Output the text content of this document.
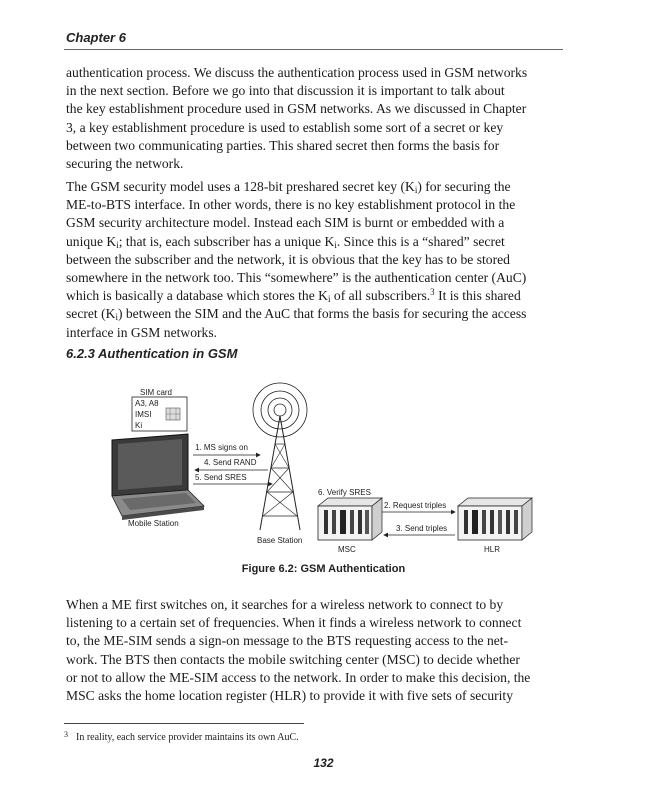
Chapter 6

authentication process. We discuss the authentication process used in GSM networks
in the next section. Before we go into that discussion it is important to talk about
the key establishment procedure used in GSM networks. As we discussed in Chapter
3, a key establishment procedure is used to establish some sort of a secret or key
between two communicating parties. This shared secret then forms the basis for
securing the network.

The GSM security model uses a 128-bit preshared secret key $(K_i)$ for securing the
ME-to-BTS interface. In other words, there is no key establishment protocol in the
GSM security architecture model. Instead each SIM is burnt or embedded with a
unique $K_i$; that is, each subscriber has a unique $K_i$. Since this is a “shared” secret
between the subscriber and the network, it is obvious that the key has to be stored
somewhere in the network too. This “somewhere” is the authentication center (AuC)
which is basically a database which stores the $K_i$ of all subscribers.$^3$ It is this shared
secret $(K_i)$ between the SIM and the AuC that forms the basis for securing the access
interface in GSM networks.

6.2.3 Authentication in GSM
SIM card
A3, A8
IMSI
Ki
Mobile Station
1. MS signs on
4. Send RAND
5. Send SRES
Base Station
MSC
6. Verify SRES
2. Request triples
3. Send triples
HLR
Figure 6.2: GSM Authentication

When a ME first switches on, it searches for a wireless network to connect to by
listening to a certain set of frequencies. When it finds a wireless network to connect
to, the ME-SIM sends a sign-on message to the BTS requesting access to the net-
work. The BTS then contacts the mobile switching center (MSC) to decide whether
or not to allow the ME-SIM access to the network. In order to make this decision, the
MSC asks the home location register (HLR) to provide it with five sets of security

$^3$ In reality, each service provider maintains its own AuC.
132
